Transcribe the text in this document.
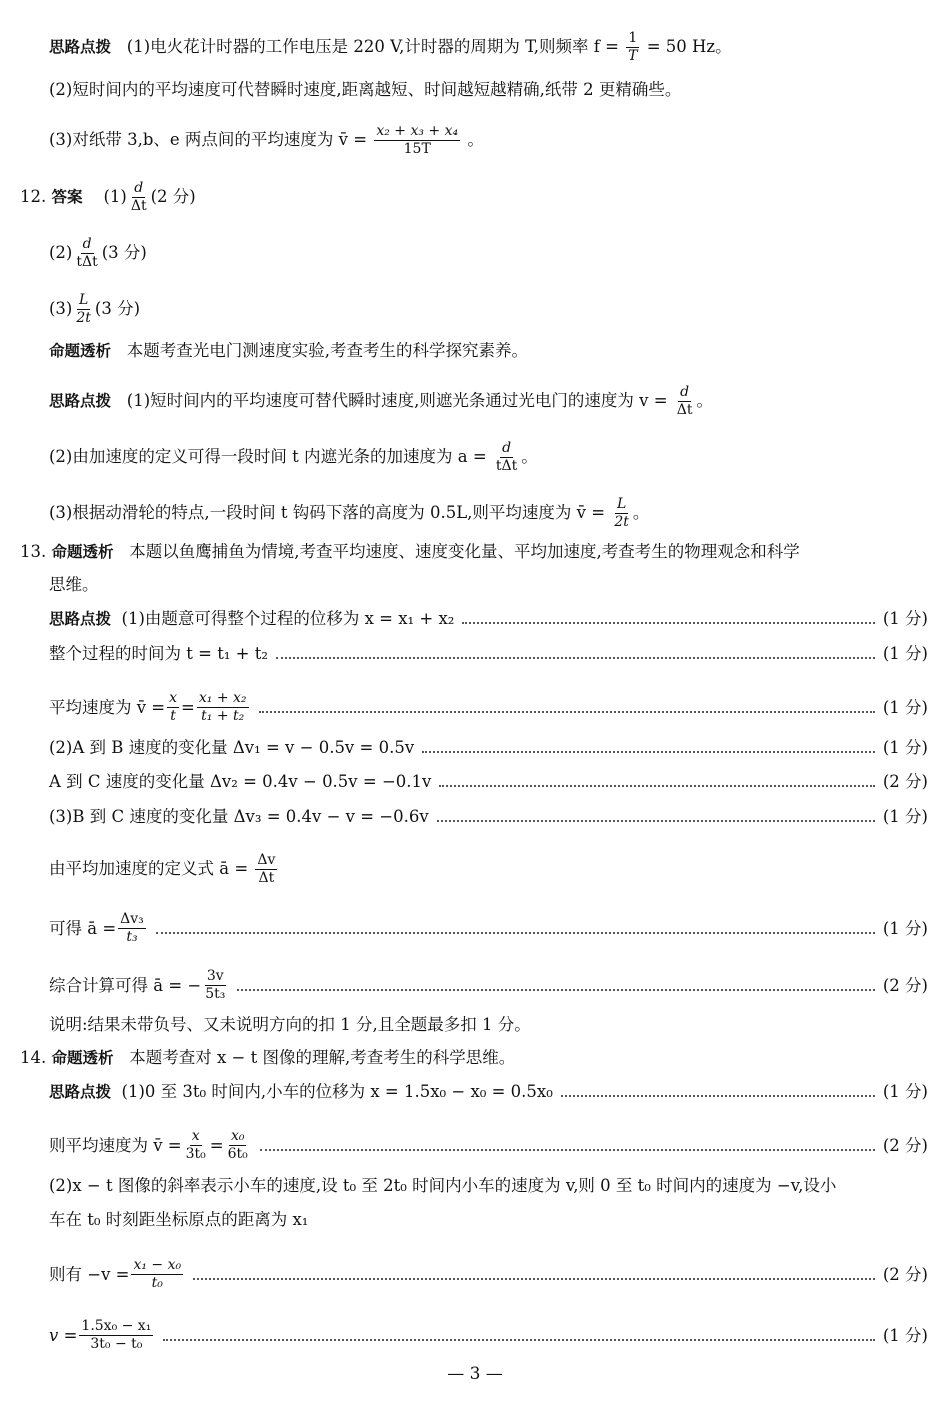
思路点拨 (1)电火花计时器的工作电压是 220 V,计时器的周期为 T,则频率 $f = \frac{1}{T} = 50$ Hz。
(2)短时间内的平均速度可代替瞬时速度,距离越短、时间越短越精确,纸带 2 更精确些。
(3)对纸带 3,b、e 两点间的平均速度为 v̄ = $\frac{\text{x₂ + x₃ + x₄}}{15T}$ 。
12. 答案 $(1) \frac{d}{\Delta t} (2$ 分)
(2) d
tΔt (3 分)
$(3) \frac{L}{2t} (3$ 分)
命题透析 本题考查光电门测速度实验,考查考生的科学探究素养。
思路点拨 (1)短时间内的平均速度可替代瞬时速度,则遮光条通过光电门的速度为 $v = \frac{d}{\Delta t}$ 。
(2)由加速度的定义可得一段时间 t 内遮光条的加速度为 a = d
tΔt 。
(3)根据动滑轮的特点,一段时间 t 钩码下落的高度为 0.5L,则平均速度为 v̄ = $\frac{L}{2t}$ 。
13. 命题透析 本题以鱼鹰捕鱼为情境,考查平均速度、速度变化量、平均加速度,考查考生的物理观念和科学
思维。
思路点拨
(1)由题意可得整个过程的位移为 x = x₁ + x₂	(1 分)
整个过程的时间为 t = t₁ + t₂	(1 分)
平均速度为 v̄ = $\frac{x}{t} = \frac{\text{x₁ + x₂}}{\text{t₁ + t₂}}$	(1 分)
(2)A 到 B 速度的变化量 Δv₁ = v − 0.5v = 0.5v	(1 分)
A 到 C 速度的变化量 Δv₂ = 0.4v − 0.5v = −0.1v	(2 分)
(3)B 到 C 速度的变化量 Δv₃ = 0.4v − v = −0.6v	(1 分)
由平均加速度的定义式 ā = $\frac{\Delta v}{\Delta t}$
可得 ā = $\frac{\text{Δv₃}}{\text{t₃}}$	(1 分)
综合计算可得 ā = − $\frac{3v}{\text{5t₃}}$	(2 分)
说明:结果未带负号、又未说明方向的扣 1 分,且全题最多扣 1 分。
14. 命题透析 本题考查对 x − t 图像的理解,考查考生的科学思维。
思路点拨
(1)0 至 3t₀ 时间内,小车的位移为 x = 1.5x₀ − x₀ = 0.5x₀	(1 分)
则平均速度为 v̄ = $\frac{x}{\text{3t₀}} = \frac{\text{x₀}}{\text{6t₀}}$	(2 分)
(2)x − t 图像的斜率表示小车的速度,设 t₀ 至 2t₀ 时间内小车的速度为 v,则 0 至 t₀ 时间内的速度为 −v,设小
车在 t₀ 时刻距坐标原点的距离为 x₁
则有 $-v = \frac{\text{x₁ − x₀}}{\text{t₀}}$	(2 分)
$v = \frac{\text{1.5x₀ − x₁}}{\text{3t₀ − t₀}}$	(1 分)
— 3 —
